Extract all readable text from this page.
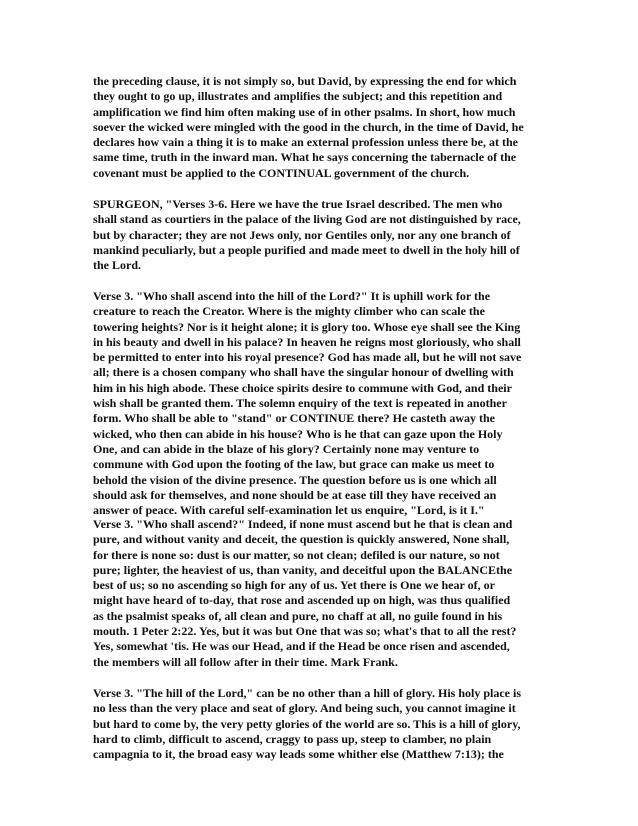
the preceding clause, it is not simply so, but David, by expressing the end for which
they ought to go up, illustrates and amplifies the subject; and this repetition and
amplification we find him often making use of in other psalms. In short, how much
soever the wicked were mingled with the good in the church, in the time of David, he
declares how vain a thing it is to make an external profession unless there be, at the
same time, truth in the inward man. What he says concerning the tabernacle of the
covenant must be applied to the CONTINUAL government of the church.
SPURGEON, "Verses 3-6. Here we have the true Israel described. The men who
shall stand as courtiers in the palace of the living God are not distinguished by race,
but by character; they are not Jews only, nor Gentiles only, nor any one branch of
mankind peculiarly, but a people purified and made meet to dwell in the holy hill of
the Lord.
Verse 3. "Who shall ascend into the hill of the Lord?" It is uphill work for the
creature to reach the Creator. Where is the mighty climber who can scale the
towering heights? Nor is it height alone; it is glory too. Whose eye shall see the King
in his beauty and dwell in his palace? In heaven he reigns most gloriously, who shall
be permitted to enter into his royal presence? God has made all, but he will not save
all; there is a chosen company who shall have the singular honour of dwelling with
him in his high abode. These choice spirits desire to commune with God, and their
wish shall be granted them. The solemn enquiry of the text is repeated in another
form. Who shall be able to "stand" or CONTINUE there? He casteth away the
wicked, who then can abide in his house? Who is he that can gaze upon the Holy
One, and can abide in the blaze of his glory? Certainly none may venture to
commune with God upon the footing of the law, but grace can make us meet to
behold the vision of the divine presence. The question before us is one which all
should ask for themselves, and none should be at ease till they have received an
answer of peace. With careful self-examination let us enquire, "Lord, is it I."
Verse 3. "Who shall ascend?" Indeed, if none must ascend but he that is clean and
pure, and without vanity and deceit, the question is quickly answered, None shall,
for there is none so: dust is our matter, so not clean; defiled is our nature, so not
pure; lighter, the heaviest of us, than vanity, and deceitful upon the BALANCEthe
best of us; so no ascending so high for any of us. Yet there is One we hear of, or
might have heard of to-day, that rose and ascended up on high, was thus qualified
as the psalmist speaks of, all clean and pure, no chaff at all, no guile found in his
mouth. 1 Peter 2:22. Yes, but it was but One that was so; what's that to all the rest?
Yes, somewhat 'tis. He was our Head, and if the Head be once risen and ascended,
the members will all follow after in their time. Mark Frank.
Verse 3. "The hill of the Lord," can be no other than a hill of glory. His holy place is
no less than the very place and seat of glory. And being such, you cannot imagine it
but hard to come by, the very petty glories of the world are so. This is a hill of glory,
hard to climb, difficult to ascend, craggy to pass up, steep to clamber, no plain
campagnia to it, the broad easy way leads some whither else (Matthew 7:13); the
